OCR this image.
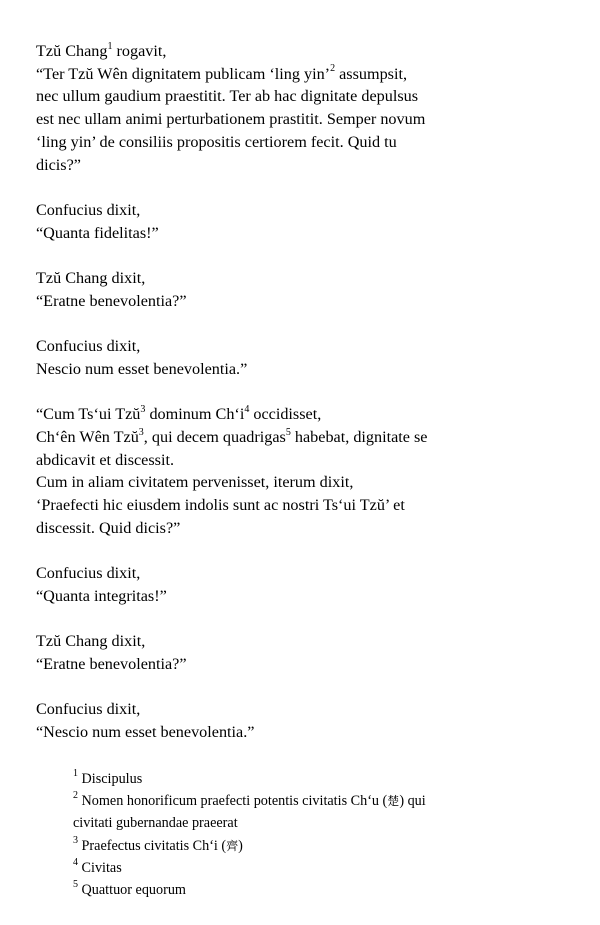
Tzŭ Chang$^1$ rogavit,
“Ter Tzŭ Wên dignitatem publicam ‘ling yin’$^2$ assumpsit,
nec ullum gaudium praestitit. Ter ab hac dignitate depulsus
est nec ullam animi perturbationem prastitit. Semper novum
‘ling yin’ de consiliis propositis certiorem fecit. Quid tu
dicis?”
Confucius dixit,
“Quanta fidelitas!”
Tzŭ Chang dixit,
“Eratne benevolentia?”
Confucius dixit,
Nescio num esset benevolentia.”
“Cum Ts‘ui Tzŭ$^3$ dominum $Ch‘i^4$ occidisset,
Ch‘ên Wên Tzŭ$^3$, qui decem quadrigas$^5$ habebat, dignitate se
abdicavit et discessit.
Cum in aliam civitatem pervenisset, iterum dixit,
‘Praefecti hic eiusdem indolis sunt ac nostri Ts‘ui Tzŭ’ et
discessit. Quid dicis?”
Confucius dixit,
“Quanta integritas!”
Tzŭ Chang dixit,
“Eratne benevolentia?”
Confucius dixit,
“Nescio num esset benevolentia.”
$^1$ Discipulus
$^2$ Nomen honorificum praefecti potentis civitatis Ch‘u (楚) qui
civitati gubernandae praeerat
$^3$ Praefectus civitatis Ch‘i (齊)
$^4$ Civitas
$^5$ Quattuor equorum
